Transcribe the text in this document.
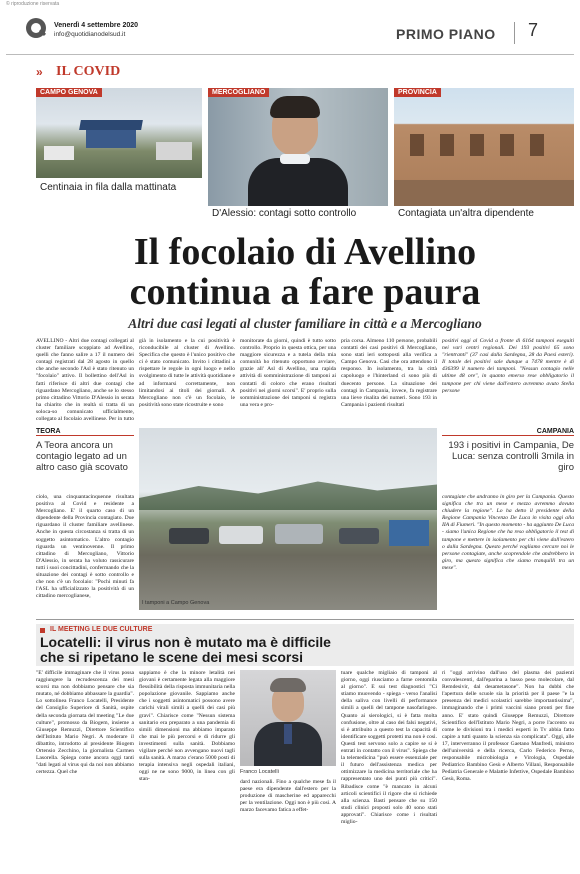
© riproduzione riservata
Venerdì 4 settembre 2020
info@quotidianodelsud.it	PRIMO PIANO 7
» IL COVID
CAMPO GENOVA
Centinaia in fila dalla mattinata
MERCOGLIANO
D'Alessio: contagi sotto controllo
PROVINCIA
Contagiata un'altra dipendente
Il focolaio di Avellino
continua a fare paura
Altri due casi legati al cluster familiare in città e a Mercogliano
AVELLINO - Altri due contagi collegati al cluster familiare scoppiato ad Avellino, quelli che fanno salire a 17 il numero dei contagi registrati dal 28 agosto in quello che anche secondo l'Asl è stato ritenuto un "focolaio" attivo. Il bollettino dell'Asl in fatti riferisce di altri due contagi che riguardano Mercogliano, anche se lo stesso primo cittadino Vittorio D'Alessio in serata ha chiarito che in realtà si tratta di un soloca-so comunicato ufficialmente, collegato al focolaio avellinese. Per in tutto
già in isolamento e la cui positività è riconducibile al cluster di Avellino. Specifica che questo è l'unico positivo che ci è stato comunicato. Invito i cittadini a rispettare le regole in ogni luogo e nello svolgimento di tutte le attività quotidiane e ad informarsi correttamente, non limitandosi ai titoli dei giornali. A Mercogliano non c'è un focolaio, le positività sono state ricostruite e sono
monitorate da giorni, quindi è tutto sotto controllo. Proprio in questa ottica, per una maggiore sicurezza e a tutela della mia comunità ho ritenuto opportuno avviare, grazie all' Asl di Avellino, una rapida attività di somministrazione di tamponi ai contatti di coloro che erano risultati positivi nei giorni scorsi". E' proprio sulla somministrazione dei tamponi si registra una vera e pro-
pria corsa. Almeno 110 persone, probabili contatti dei casi positivi di Mercogliano, sono stati ieri sottoposti alla verifica a Campo Genova. Casi che ora attendono il responso. In isolamento, tra la città capoluogo e l'hinterland ci sono più di duecento persone. La situazione dei contagi in Campania, invece, fa registrare una lieve risalita dei numeri. Sono 193 in Campania i pazienti risultati
positivi oggi al Covid a fronte di 6164 tamponi eseguiti nei vari centri regionali. Dei 193 positivi 65 sono "rientranti" (37 casi dalla Sardegna, 28 da Paesi esteri). Il totale dei positivi sale dunque a 7478 mentre è di 436399 il numero dei tamponi. "Nessun contagio nelle ultime 48 ore", in quanto emerso rese obbligatorio il tampone per chi viene dall'estero avremmo avuto Stella persone
TEORA
A Teora ancora un contagio legato ad un altro caso già scovato
CAMPANIA
193 i positivi in Campania, De Luca: senza controlli 3mila in giro
I tamponi a Campo Genova
ciolo, una cinquantacinquenne risultata positiva al Covid e residente a Mercogliano. E' il quarto caso di un dipendente della Provincia contagiato. Due riguardano il cluster familiare avellinese. Anche in questa circostanza si tratta di un soggetto asintomatico. L'altro contagio riguarda un ventinovenne. Il primo cittadino di Mercogliano, Vittorio D'Alessio, in serata ha voluto rassicurare tutti i suoi concittadini, confermando che la situazione dei contagi è sotto controllo e che non c'è un focolaio: "Pochi minuti fa l'ASL ha ufficializzato la positività di un cittadino mercoglianese,
contagiate che andranno in giro per la Campania. Questo significa che tra un mese e mezzo avremmo dovuto chiudere la regione". Lo ha detto il presidente della Regione Campania Vincenzo De Luca in visita oggi alla IIA di Fiumeri. "In questo momento - ha aggiunto De Luca - siamo l'unica Regione che ha reso obbligatorio il test di tampone e mettere in isolamento per chi viene dall'estero o dalla Sardegna. Questo perché vogliamo cercare noi le persone contagiate, anche scoprendole che andrebbero in giro, ma questo significa che siamo tranquilli tra un mese".
IL MEETING LE DUE CULTURE
Locatelli: il virus non è mutato ma è difficile
che si ripetano le scene dei mesi scorsi
"E' difficile immaginare che il virus possa raggiungere la recrudescenza dei mesi scorsi ma non dobbiamo pensare che sia mutato, né dobbiamo abbassare la guardia". Lo sottolinea Franco Locatelli, Presidente del Consiglio Superiore di Sanità, ospite della seconda giornata del meeting "Le due culture", promosso da Biogem, insieme a Giuseppe Remuzzi, Direttore Scientifico dell'Istituto Mario Negri. A moderare il dibattito, introdotto al presidente Biogem Ortensio Zecchino, la giornalista Carmen Lasorella. Spiega come ancora oggi tanti "dati legati al virus qui da noi non abbiamo certezza. Quel che
sappiamo è che la minore letalità nei giovani è certamente legata alla maggiore flessibilità della risposta immunitaria nella popolazione giovanile. Sappiamo anche che i soggetti asintomatici possono avere carichi virali simili a quelli dei casi più gravi". Chiarisce come "Nessun sistema sanitario era preparato a una pandemia di simili dimensioni ma abbiamo imparato che mai le più percorsi e di ridurre gli investimenti sulla sanità. Dobbiamo vigilare perché non avvengano nuovi tagli sulla sanità. A marzo c'erano 5000 posti di terapia intensiva negli ospedali italiani, oggi ne ne sono 9000, in linea con gli stan-
Franco Locatelli
dard nazionali. Fino a qualche mese fa il paese era dipendente dall'estero per la produzione di mascherine ed apparecchi per la ventilazione. Oggi non è più così. A marzo facevamo fatica a effet-
tuare qualche migliaio di tamponi al giorno, oggi riusciamo a farne centomila al giorno". E sui test diagnostici "Ci stiamo muovendo - spiega - verso l'analisi della saliva con livelli di performance simili a quelli del tampone nasofaringeo. Quanto ai sierologici, si è fatta molta confusione, oltre al caso dei falsi negativi, si è attribuito a questo test la capacità di identificare soggetti protetti ma non è così. Questi test servono solo a capire se si è entrati in contatto con il virus". Spiega che la telemedicina "può essere essenziale per il futuro dell'assistenza medica per ottimizzare la medicina territoriale che ha rappresentato uno dei punti più critici". Ribadisce come "è mancato in alcuni articoli scientifici il rigore che si richiede alla scienza. Basti pensare che su 150 studi clinici proposti solo 40 sono stati approvati". Chiarisce come i risultati miglio-
ri "oggi arrivino dall'uso del plasma dei pazienti convalescenti, dall'eparina a basso peso molecolare, dal Remdesivir, dal desametasone". Non ha dubbi che l'apertura delle scuole sia la priorità per il paese "e la presenza dei medici scolastici sarebbe importantissima", immaginando che i primi vaccini siano pronti per fine anno. E' stato quindi Giuseppe Remuzzi, Direttore Scientifico dell'Istituto Mario Negri, a porre l'accento su come le divisioni tra i medici esperti in Tv abbia fatto capire a tutti quanto la scienza sia complicata". Oggi, alle 17, interverranno il professor Gaetano Manfredi, ministro dell'università e della ricerca, Carlo Federico Perno, responsabile microbiologia e Virologia, Ospedale Pediatrico Bambino Gesù e Alberto Villani, Responsabile Pediatria Generale e Malattie Infettive, Ospedale Bambino Gesù, Roma.
